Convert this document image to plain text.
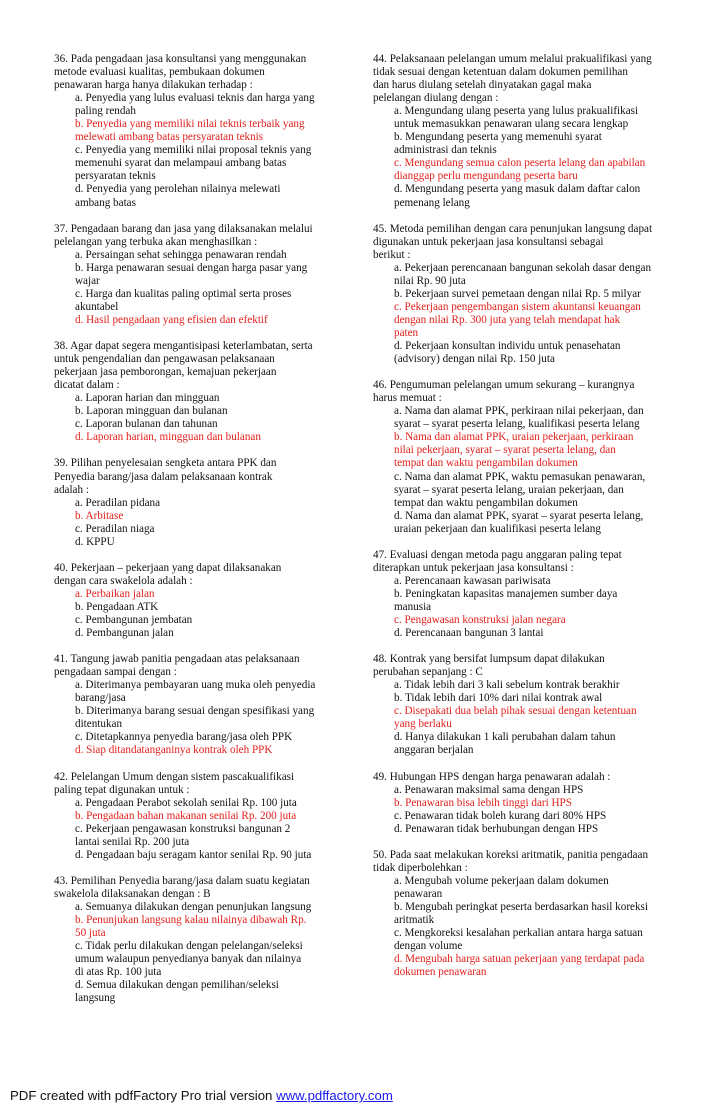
36. Pada pengadaan jasa konsultansi yang menggunakan
metode evaluasi kualitas, pembukaan dokumen
penawaran harga hanya dilakukan terhadap :
a. Penyedia yang lulus evaluasi teknis dan harga yang
paling rendah
b. Penyedia yang memiliki nilai teknis terbaik yang
melewati ambang batas persyaratan teknis
c. Penyedia yang memiliki nilai proposal teknis yang
memenuhi syarat dan melampaui ambang batas
persyaratan teknis
d. Penyedia yang perolehan nilainya melewati
ambang batas
37. Pengadaan barang dan jasa yang dilaksanakan melalui
pelelangan yang terbuka akan menghasilkan :
a. Persaingan sehat sehingga penawaran rendah
b. Harga penawaran sesuai dengan harga pasar yang
wajar
c. Harga dan kualitas paling optimal serta proses
akuntabel
d. Hasil pengadaan yang efisien dan efektif
38. Agar dapat segera mengantisipasi keterlambatan, serta
untuk pengendalian dan pengawasan pelaksanaan
pekerjaan jasa pemborongan, kemajuan pekerjaan
dicatat dalam :
a. Laporan harian dan mingguan
b. Laporan mingguan dan bulanan
c. Laporan bulanan dan tahunan
d. Laporan harian, mingguan dan bulanan
39. Pilihan penyelesaian sengketa antara PPK dan
Penyedia barang/jasa dalam pelaksanaan kontrak
adalah :
a. Peradilan pidana
b. Arbitase
c. Peradilan niaga
d. KPPU
40. Pekerjaan – pekerjaan yang dapat dilaksanakan
dengan cara swakelola adalah :
a. Perbaikan jalan
b. Pengadaan ATK
c. Pembangunan jembatan
d. Pembangunan jalan
41. Tangung jawab panitia pengadaan atas pelaksanaan
pengadaan sampai dengan :
a. Diterimanya pembayaran uang muka oleh penyedia
barang/jasa
b. Diterimanya barang sesuai dengan spesifikasi yang
ditentukan
c. Ditetapkannya penyedia barang/jasa oleh PPK
d. Siap ditandatanganinya kontrak oleh PPK
42. Pelelangan Umum dengan sistem pascakualifikasi
paling tepat digunakan untuk :
a. Pengadaan Perabot sekolah senilai Rp. 100 juta
b. Pengadaan bahan makanan senilai Rp. 200 juta
c. Pekerjaan pengawasan konstruksi bangunan 2
lantai senilai Rp. 200 juta
d. Pengadaan baju seragam kantor senilai Rp. 90 juta
43. Pemilihan Penyedia barang/jasa dalam suatu kegiatan
swakelola dilaksanakan dengan : B
a. Semuanya dilakukan dengan penunjukan langsung
b. Penunjukan langsung kalau nilainya dibawah Rp.
50 juta
c. Tidak perlu dilakukan dengan pelelangan/seleksi
umum walaupun penyedianya banyak dan nilainya
di atas Rp. 100 juta
d. Semua dilakukan dengan pemilihan/seleksi
langsung
44. Pelaksanaan pelelangan umum melalui prakualifikasi yang
tidak sesuai dengan ketentuan dalam dokumen pemilihan
dan harus diulang setelah dinyatakan gagal maka
pelelangan diulang dengan :
a. Mengundang ulang peserta yang lulus prakualifikasi
untuk memasukkan penawaran ulang secara lengkap
b. Mengundang peserta yang memenuhi syarat
administrasi dan teknis
c. Mengundang semua calon peserta lelang dan apabilan
dianggap perlu mengundang peserta baru
d. Mengundang peserta yang masuk dalam daftar calon
pemenang lelang
45. Metoda pemilihan dengan cara penunjukan langsung dapat
digunakan untuk pekerjaan jasa konsultansi sebagai
berikut :
a. Pekerjaan perencanaan bangunan sekolah dasar dengan
nilai Rp. 90 juta
b. Pekerjaan survei pemetaan dengan nilai Rp. 5 milyar
c. Pekerjaan pengembangan sistem akuntansi keuangan
dengan nilai Rp. 300 juta yang telah mendapat hak
paten
d. Pekerjaan konsultan individu untuk penasehatan
(advisory) dengan nilai Rp. 150 juta
46. Pengumuman pelelangan umum sekurang – kurangnya
harus memuat :
a. Nama dan alamat PPK, perkiraan nilai pekerjaan, dan
syarat – syarat peserta lelang, kualifikasi peserta lelang
b. Nama dan alamat PPK, uraian pekerjaan, perkiraan
nilai pekerjaan, syarat – syarat peserta lelang, dan
tempat dan waktu pengambilan dokumen
c. Nama dan alamat PPK, waktu pemasukan penawaran,
syarat – syarat peserta lelang, uraian pekerjaan, dan
tempat dan waktu pengambilan dokumen
d. Nama dan alamat PPK, syarat – syarat peserta lelang,
uraian pekerjaan dan kualifikasi peserta lelang
47. Evaluasi dengan metoda pagu anggaran paling tepat
diterapkan untuk pekerjaan jasa konsultansi :
a. Perencanaan kawasan pariwisata
b. Peningkatan kapasitas manajemen sumber daya
manusia
c. Pengawasan konstruksi jalan negara
d. Perencanaan bangunan 3 lantai
48. Kontrak yang bersifat lumpsum dapat dilakukan
perubahan sepanjang : C
a. Tidak lebih dari 3 kali sebelum kontrak berakhir
b. Tidak lebih dari 10% dari nilai kontrak awal
c. Disepakati dua belah pihak sesuai dengan ketentuan
yang berlaku
d. Hanya dilakukan 1 kali perubahan dalam tahun
anggaran berjalan
49. Hubungan HPS dengan harga penawaran adalah :
a. Penawaran maksimal sama dengan HPS
b. Penawaran bisa lebih tinggi dari HPS
c. Penawaran tidak boleh kurang dari 80% HPS
d. Penawaran tidak berhubungan dengan HPS
50. Pada saat melakukan koreksi aritmatik, panitia pengadaan
tidak diperbolehkan :
a. Mengubah volume pekerjaan dalam dokumen
penawaran
b. Mengubah peringkat peserta berdasarkan hasil koreksi
aritmatik
c. Mengkoreksi kesalahan perkalian antara harga satuan
dengan volume
d. Mengubah harga satuan pekerjaan yang terdapat pada
dokumen penawaran
PDF created with pdfFactory Pro trial version www.pdffactory.com
